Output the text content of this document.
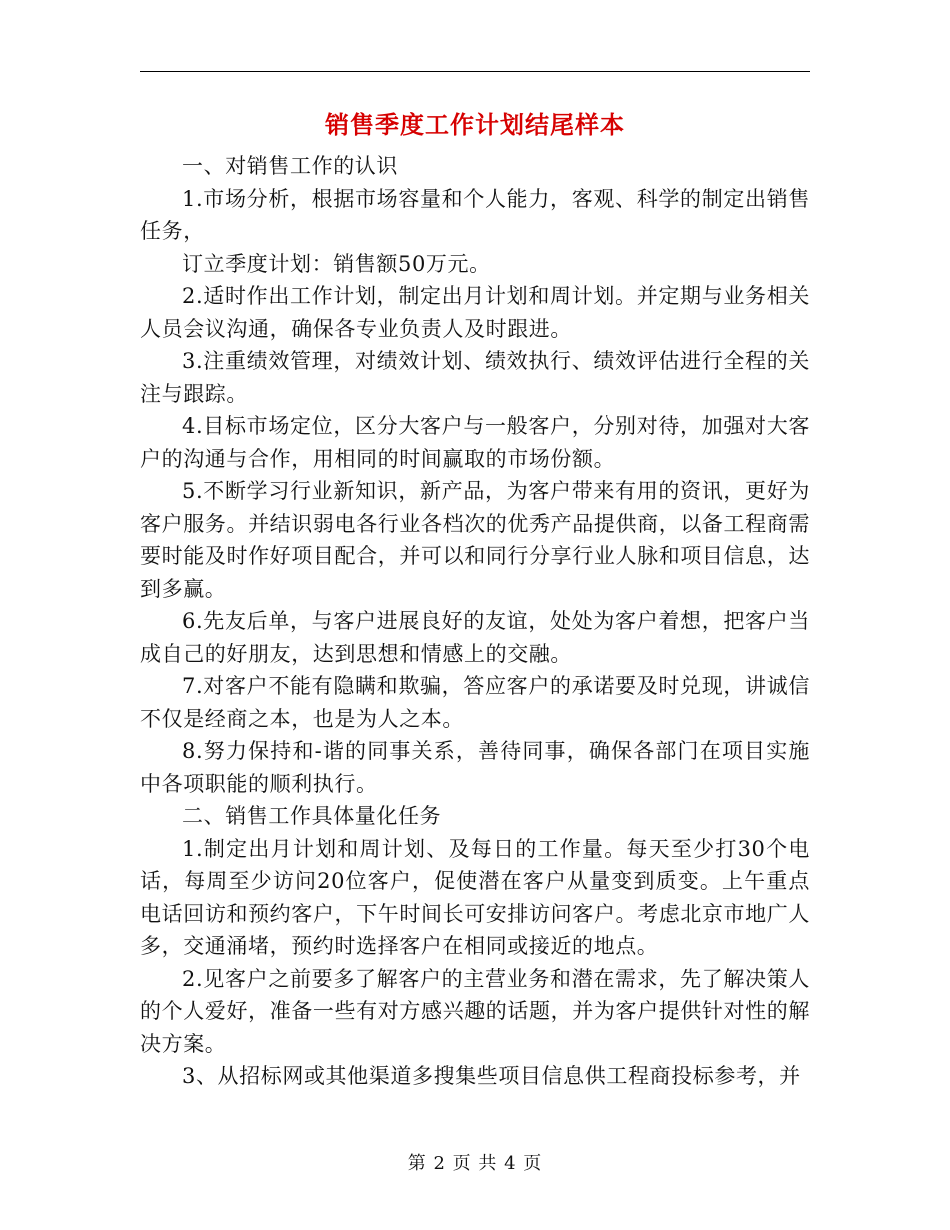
销售季度工作计划结尾样本

一、对销售工作的认识

1.市场分析，根据市场容量和个人能力，客观、科学的制定出销售任务，

订立季度计划：销售额50万元。

2.适时作出工作计划，制定出月计划和周计划。并定期与业务相关人员会议沟通，确保各专业负责人及时跟进。

3.注重绩效管理，对绩效计划、绩效执行、绩效评估进行全程的关注与跟踪。

4.目标市场定位，区分大客户与一般客户，分别对待，加强对大客户的沟通与合作，用相同的时间赢取的市场份额。

5.不断学习行业新知识，新产品，为客户带来有用的资讯，更好为客户服务。并结识弱电各行业各档次的优秀产品提供商，以备工程商需要时能及时作好项目配合，并可以和同行分享行业人脉和项目信息，达到多赢。

6.先友后单，与客户进展良好的友谊，处处为客户着想，把客户当成自己的好朋友，达到思想和情感上的交融。

7.对客户不能有隐瞒和欺骗，答应客户的承诺要及时兑现，讲诚信不仅是经商之本，也是为人之本。

8.努力保持和-谐的同事关系，善待同事，确保各部门在项目实施中各项职能的顺利执行。

二、销售工作具体量化任务

1.制定出月计划和周计划、及每日的工作量。每天至少打30个电话，每周至少访问20位客户，促使潜在客户从量变到质变。上午重点电话回访和预约客户，下午时间长可安排访问客户。考虑北京市地广人多，交通涌堵，预约时选择客户在相同或接近的地点。

2.见客户之前要多了解客户的主营业务和潜在需求，先了解决策人的个人爱好，准备一些有对方感兴趣的话题，并为客户提供针对性的解决方案。

3、从招标网或其他渠道多搜集些项目信息供工程商投标参考，并

第 2 页 共 4 页
